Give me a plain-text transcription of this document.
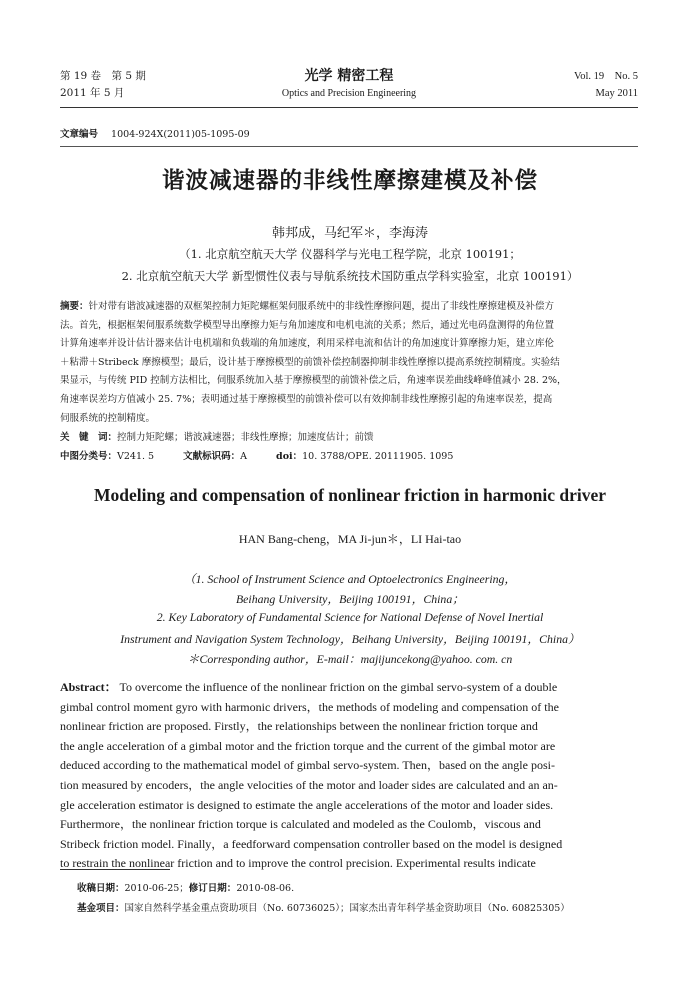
第 19 卷　第 5 期
2011 年 5 月
光学 精密工程
Optics and Precision Engineering
Vol. 19　No. 5
May 2011
文章编号 1004-924X(2011)05-1095-09
谐波减速器的非线性摩擦建模及补偿
韩邦成，马纪军＊，李海涛
（1. 北京航空航天大学 仪器科学与光电工程学院，北京 100191；
2. 北京航空航天大学 新型惯性仪表与导航系统技术国防重点学科实验室，北京 100191）
摘要：针对带有谐波减速器的双框架控制力矩陀螺框架伺服系统中的非线性摩擦问题，提出了非线性摩擦建模及补偿方
法。首先，根据框架伺服系统数学模型导出摩擦力矩与角加速度和电机电流的关系；然后，通过光电码盘测得的角位置
计算角速率并设计估计器来估计电机端和负载端的角加速度，利用采样电流和估计的角加速度计算摩擦力矩，建立库伦
＋粘滞＋Stribeck 摩擦模型；最后，设计基于摩擦模型的前馈补偿控制器抑制非线性摩擦以提高系统控制精度。实验结
果显示，与传统 PID 控制方法相比，伺服系统加入基于摩擦模型的前馈补偿之后，角速率误差曲线峰峰值减小 28. 2%，
角速率误差均方值减小 25. 7%；表明通过基于摩擦模型的前馈补偿可以有效抑制非线性摩擦引起的角速率误差，提高
伺服系统的控制精度。
关　键　词：控制力矩陀螺；谐波减速器；非线性摩擦；加速度估计；前馈
中图分类号：V241. 5	文献标识码：A	doi：10. 3788/OPE. 20111905. 1095
Modeling and compensation of nonlinear friction in harmonic driver
HAN Bang-cheng，MA Ji-jun＊，LI Hai-tao
（1. School of Instrument Science and Optoelectronics Engineering，
Beihang University，Beijing 100191，China；
2. Key Laboratory of Fundamental Science for National Defense of Novel Inertial
Instrument and Navigation System Technology，Beihang University，Beijing 100191，China）
＊Corresponding author，E-mail：majijuncekong@yahoo. com. cn
Abstract： To overcome the influence of the nonlinear friction on the gimbal servo-system of a double
gimbal control moment gyro with harmonic drivers，the methods of modeling and compensation of the
nonlinear friction are proposed. Firstly，the relationships between the nonlinear friction torque and
the angle acceleration of a gimbal motor and the friction torque and the current of the gimbal motor are
deduced according to the mathematical model of gimbal servo-system. Then，based on the angle posi-
tion measured by encoders，the angle velocities of the motor and loader sides are calculated and an an-
gle acceleration estimator is designed to estimate the angle accelerations of the motor and loader sides.
Furthermore，the nonlinear friction torque is calculated and modeled as the Coulomb，viscous and
Stribeck friction model. Finally，a feedforward compensation controller based on the model is designed
to restrain the nonlinear friction and to improve the control precision. Experimental results indicate
收稿日期：2010-06-25；修订日期：2010-08-06.
基金项目：国家自然科学基金重点资助项目（No. 60736025）；国家杰出青年科学基金资助项目（No. 60825305）
